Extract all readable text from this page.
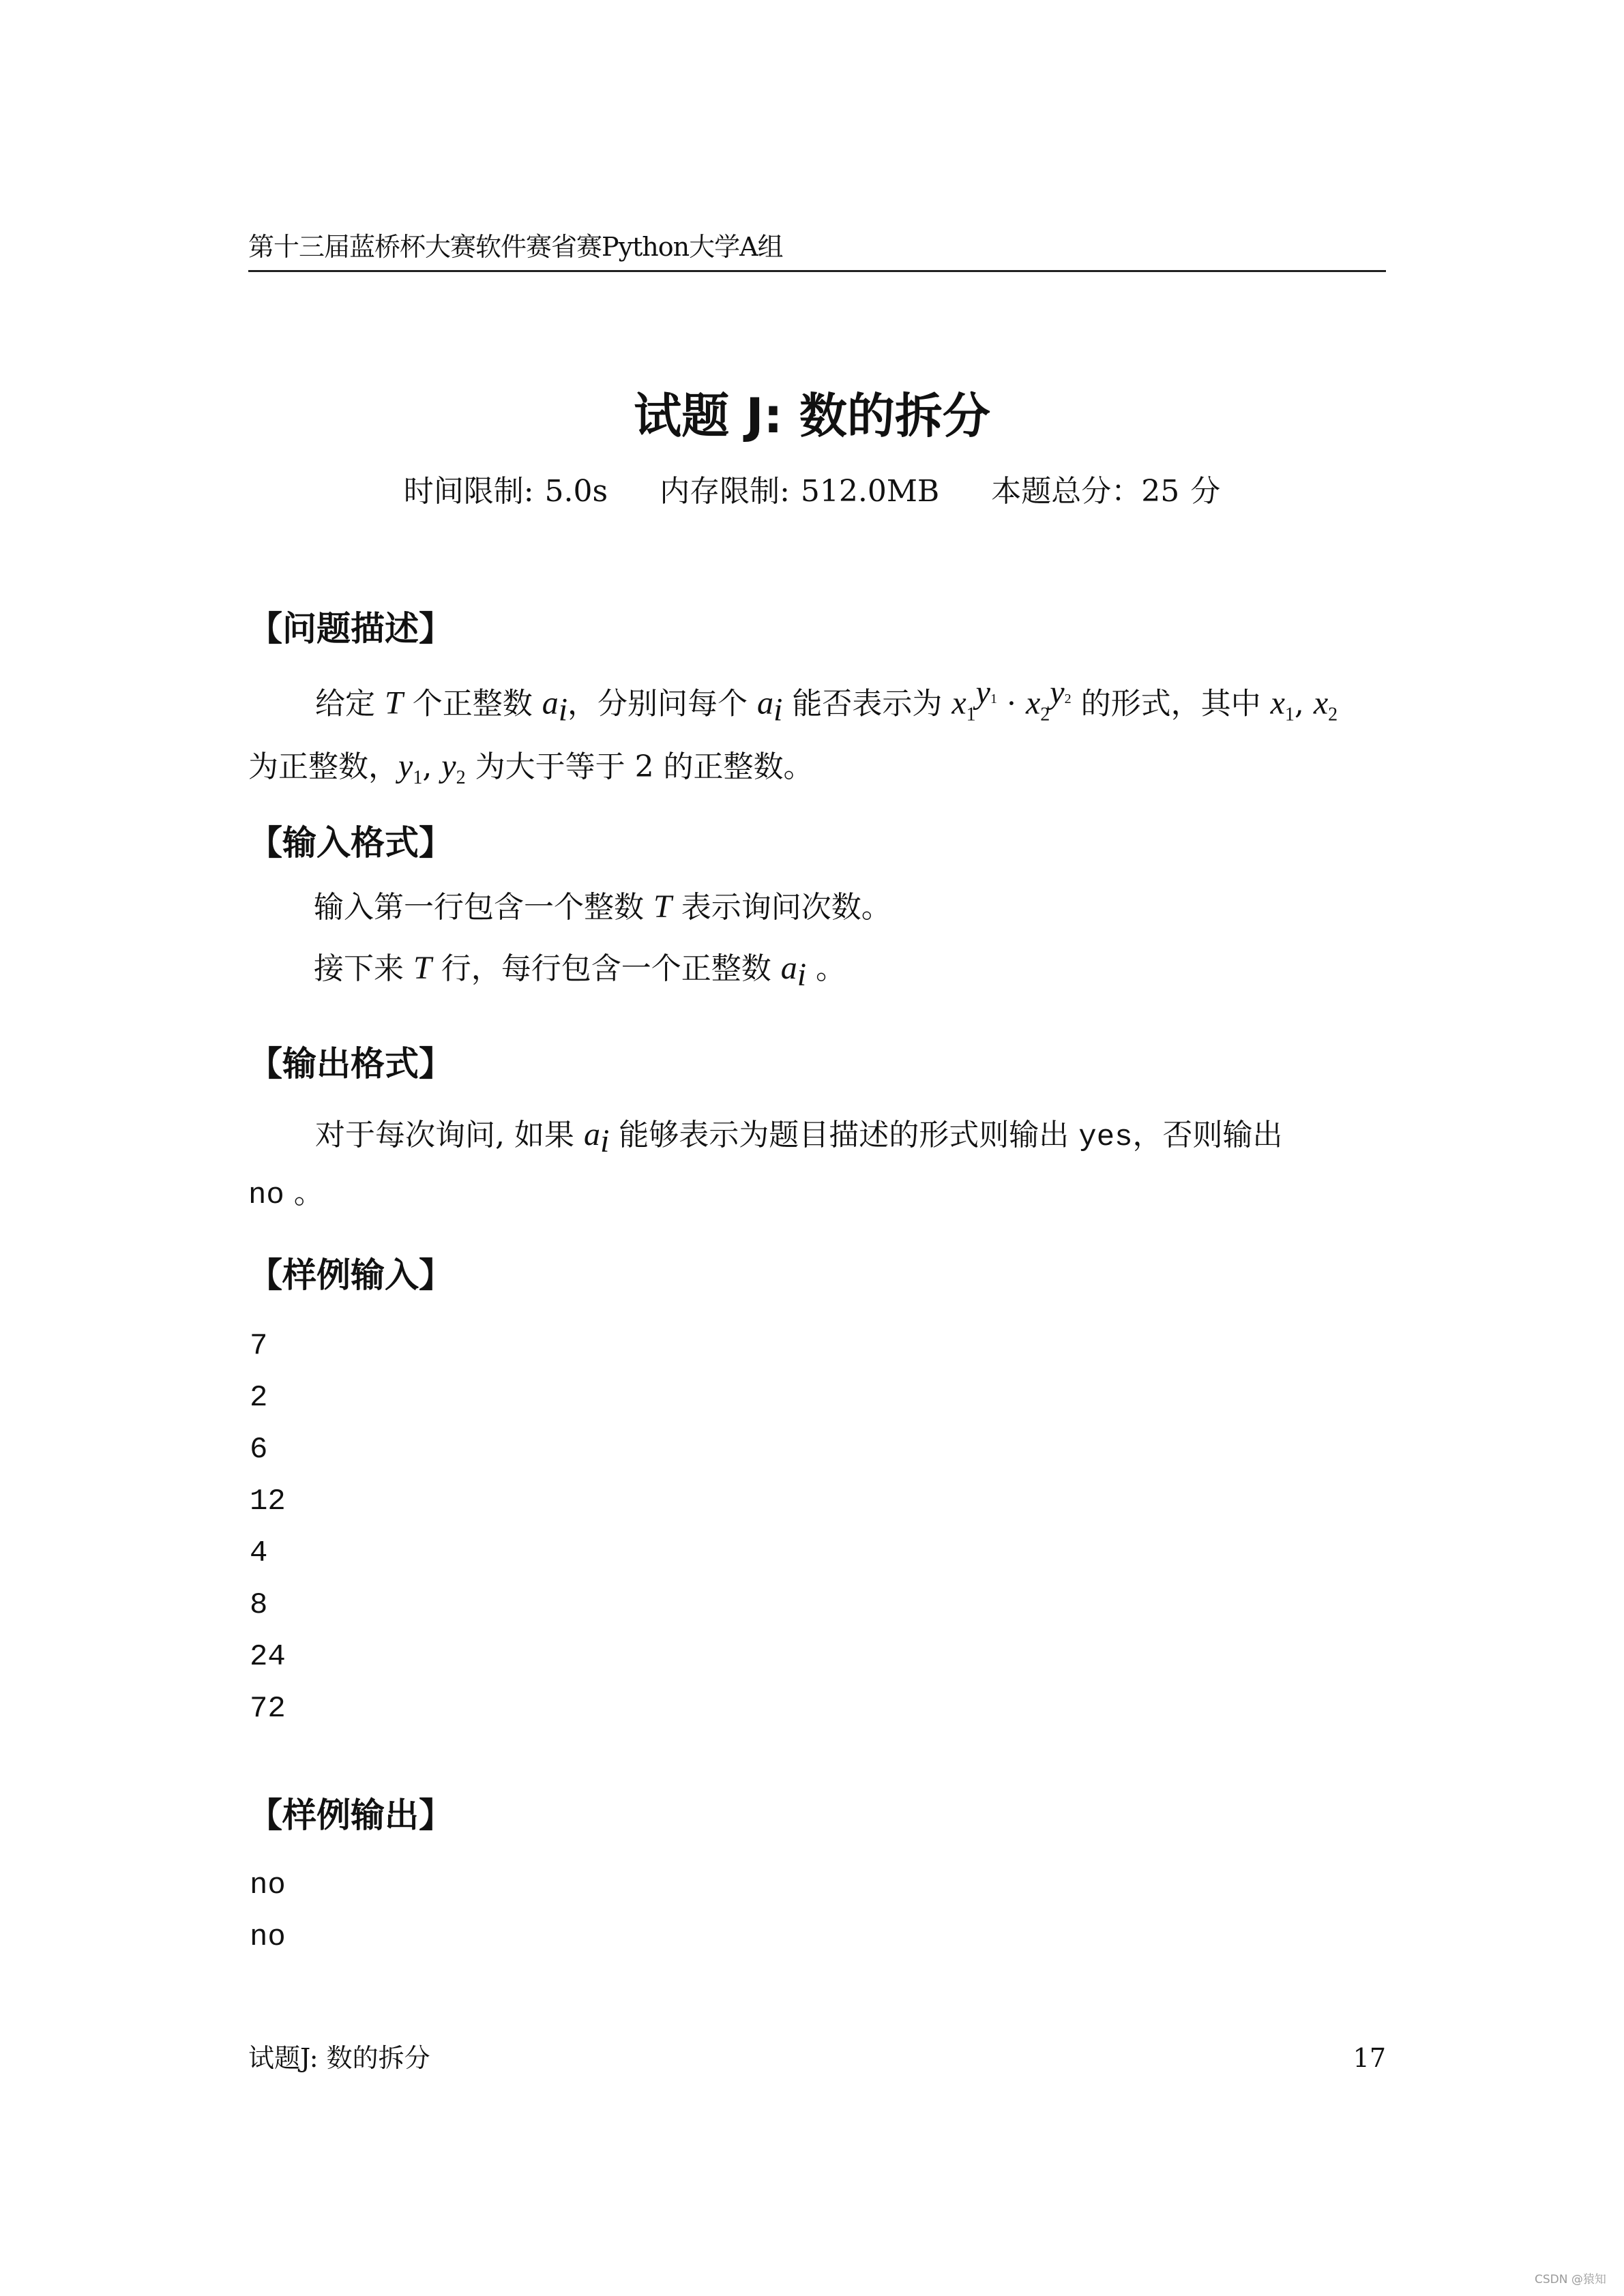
第十三届蓝桥杯大赛软件赛省赛Python大学A组
试题 J: 数的拆分
时间限制: 5.0s 内存限制: 512.0MB 本题总分：25 分
【问题描述】
给定 T 个正整数 $a_i$，分别问每个 $a_i$ 能否表示为 $x_1^{y1} \cdot x_2^{y2}$ 的形式，其中 $x_1$, $x_2$
为正整数，$y_1$, $y_2$ 为大于等于 2 的正整数。
【输入格式】
输入第一行包含一个整数 T 表示询问次数。
接下来 T 行，每行包含一个正整数 $a_i$ 。
【输出格式】
对于每次询问, 如果 $a_i$ 能够表示为题目描述的形式则输出 yes，否则输出
no 。
【样例输入】
7
2
6
12
4
8
24
72
【样例输出】
no
no
试题J: 数的拆分	17
CSDN @猿知
